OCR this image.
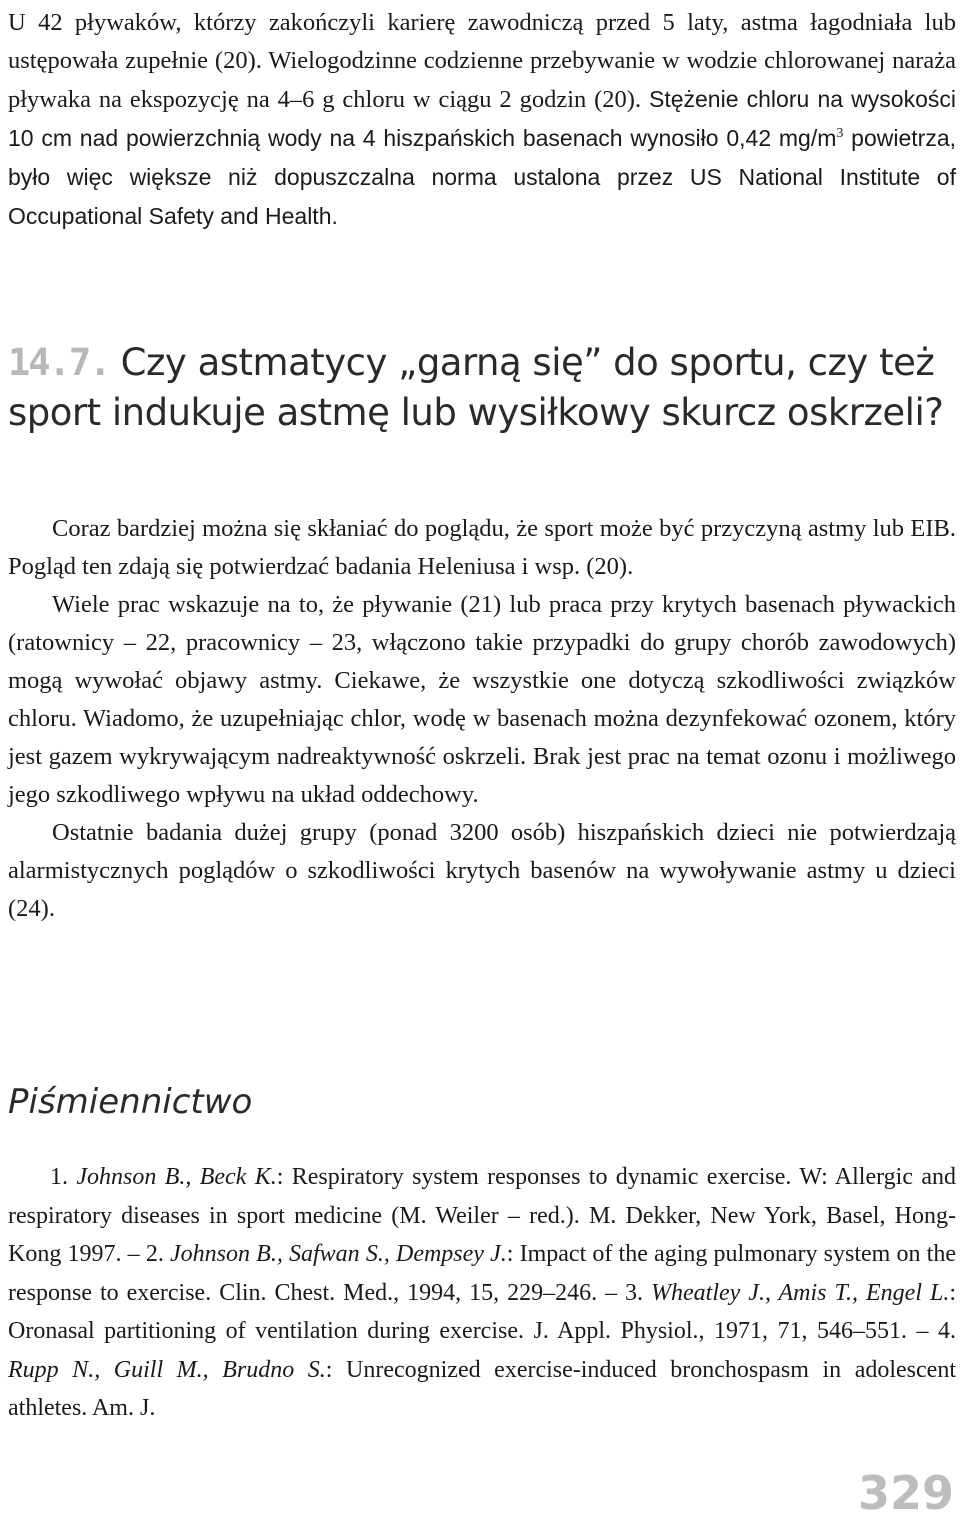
U 42 pływaków, którzy zakończyli karierę zawodniczą przed 5 laty, astma łagodniała lub ustępowała zupełnie (20). Wielogodzinne codzienne przebywanie w wodzie chlorowanej naraża pływaka na ekspozycję na 4–6 g chloru w ciągu 2 godzin (20). Stężenie chloru na wysokości 10 cm nad powierzchnią wody na 4 hiszpańskich basenach wynosiło 0,42 $mg/m^3$ powietrza, było więc większe niż dopuszczalna norma ustalona przez US National Institute of Occupational Safety and Health.

14.7. Czy astmatycy „garną się” do sportu, czy też sport indukuje astmę lub wysiłkowy skurcz oskrzeli?

Coraz bardziej można się skłaniać do poglądu, że sport może być przyczyną astmy lub EIB. Pogląd ten zdają się potwierdzać badania Heleniusa i wsp. (20).

Wiele prac wskazuje na to, że pływanie (21) lub praca przy krytych basenach pływackich (ratownicy – 22, pracownicy – 23, włączono takie przypadki do grupy chorób zawodowych) mogą wywołać objawy astmy. Ciekawe, że wszystkie one dotyczą szkodliwości związków chloru. Wiadomo, że uzupełniając chlor, wodę w basenach można dezynfekować ozonem, który jest gazem wykrywającym nadreaktywność oskrzeli. Brak jest prac na temat ozonu i możliwego jego szkodliwego wpływu na układ oddechowy.

Ostatnie badania dużej grupy (ponad 3200 osób) hiszpańskich dzieci nie potwierdzają alarmistycznych poglądów o szkodliwości krytych basenów na wywoływanie astmy u dzieci (24).

Piśmiennictwo

1. Johnson B., Beck K.: Respiratory system responses to dynamic exercise. W: Allergic and respiratory diseases in sport medicine (M. Weiler – red.). M. Dekker, New York, Basel, Hong-Kong 1997. – 2. Johnson B., Safwan S., Dempsey J.: Impact of the aging pulmonary system on the response to exercise. Clin. Chest. Med., 1994, 15, 229–246. – 3. Wheatley J., Amis T., Engel L.: Oronasal partitioning of ventilation during exercise. J. Appl. Physiol., 1971, 71, 546–551. – 4. Rupp N., Guill M., Brudno S.: Unrecognized exercise-induced bronchospasm in adolescent athletes. Am. J.

329
